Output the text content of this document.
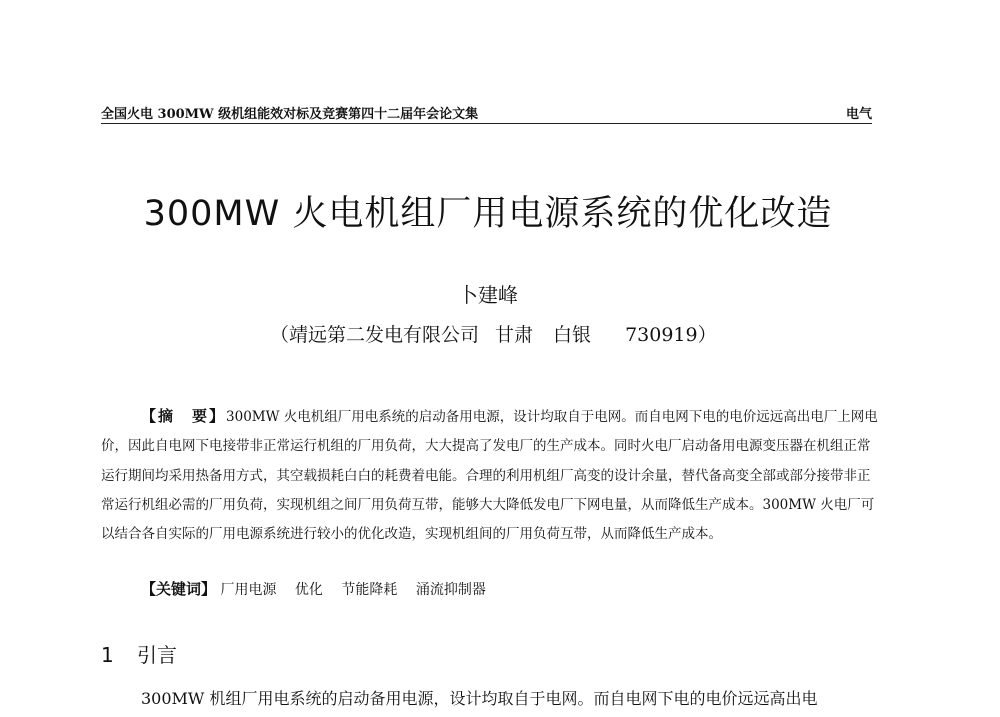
全国火电 300MW 级机组能效对标及竞赛第四十二届年会论文集	电气
300MW 火电机组厂用电源系统的优化改造
卜建峰
（靖远第二发电有限公司 甘肃 白银 730919）

【摘　要】300MW 火电机组厂用电系统的启动备用电源，设计均取自于电网。而自电网下电的电价远远高出电厂上网电价，因此自电网下电接带非正常运行机组的厂用负荷，大大提高了发电厂的生产成本。同时火电厂启动备用电源变压器在机组正常运行期间均采用热备用方式，其空载损耗白白的耗费着电能。合理的利用机组厂高变的设计余量，替代备高变全部或部分接带非正常运行机组必需的厂用负荷，实现机组之间厂用负荷互带，能够大大降低发电厂下网电量，从而降低生产成本。300MW 火电厂可以结合各自实际的厂用电源系统进行较小的优化改造，实现机组间的厂用负荷互带，从而降低生产成本。

【关键词】 厂用电源 优化 节能降耗 涌流抑制器
1 引言
300MW 机组厂用电系统的启动备用电源，设计均取自于电网。而自电网下电的电价远远高出电
